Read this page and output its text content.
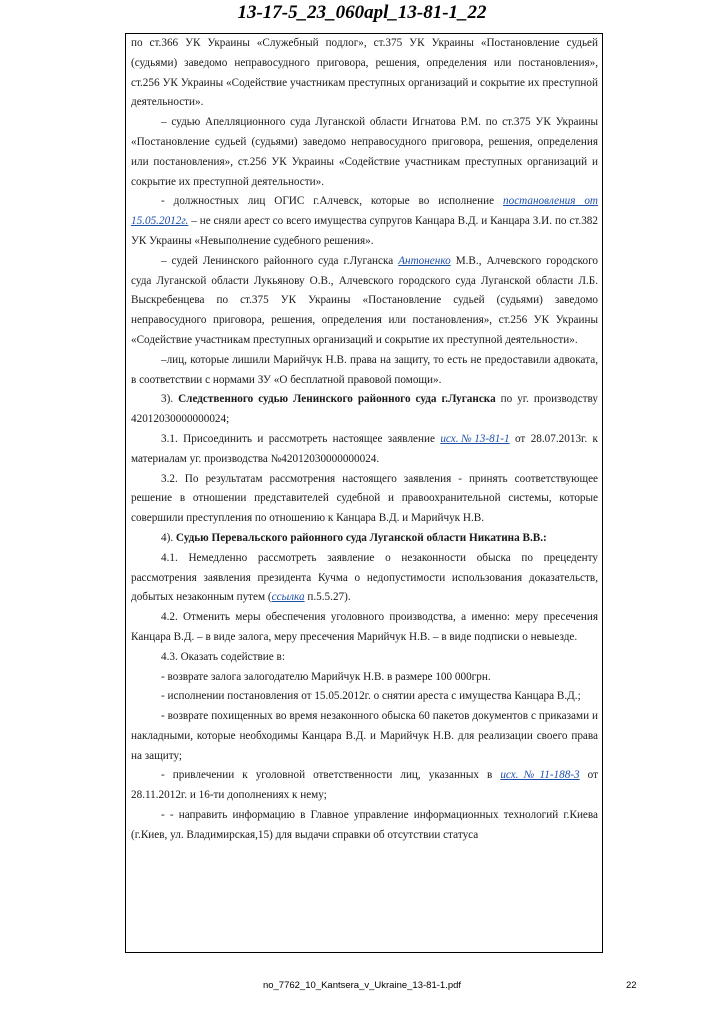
13-17-5_23_060apl_13-81-1_22

по ст.366 УК Украины «Служебный подлог», ст.375 УК Украины «Постановление судьей (судьями) заведомо неправосудного приговора, решения, определения или постановления», ст.256 УК Украины «Содействие участникам преступных организаций и сокрытие их преступной деятельности».

– судью Апелляционного суда Луганской области Игнатова Р.М. по ст.375 УК Украины «Постановление судьей (судьями) заведомо неправосудного приговора, решения, определения или постановления», ст.256 УК Украины «Содействие участникам преступных организаций и сокрытие их преступной деятельности».

- должностных лиц ОГИС г.Алчевск, которые во исполнение постановления от 15.05.2012г. – не сняли арест со всего имущества супругов Канцара В.Д. и Канцара З.И. по ст.382 УК Украины «Невыполнение судебного решения».

– судей Ленинского районного суда г.Луганска Антоненко М.В., Алчевского городского суда Луганской области Лукьянову О.В., Алчевского городского суда Луганской области Л.Б. Выскребенцева по ст.375 УК Украины «Постановление судьей (судьями) заведомо неправосудного приговора, решения, определения или постановления», ст.256 УК Украины «Содействие участникам преступных организаций и сокрытие их преступной деятельности».

–лиц, которые лишили Марийчук Н.В. права на защиту, то есть не предоставили адвоката, в соответствии с нормами ЗУ «О бесплатной правовой помощи».

3). Следственного судью Ленинского районного суда г.Луганска по уг. производству 42012030000000024;

3.1. Присоединить и рассмотреть настоящее заявление исх.№13-81-1 от 28.07.2013г. к материалам уг. производства №42012030000000024.

3.2. По результатам рассмотрения настоящего заявления - принять соответствующее решение в отношении представителей судебной и правоохранительной системы, которые совершили преступления по отношению к Канцара В.Д. и Марийчук Н.В.

4). Судью Перевальского районного суда Луганской области Никатина В.В.:

4.1. Немедленно рассмотреть заявление о незаконности обыска по прецеденту рассмотрения заявления президента Кучма о недопустимости использования доказательств, добытых незаконным путем (ссылка п.5.5.27).

4.2. Отменить меры обеспечения уголовного производства, а именно: меру пресечения Канцара В.Д. – в виде залога, меру пресечения Марийчук Н.В. – в виде подписки о невыезде.

4.3. Оказать содействие в:

- возврате залога залогодателю Марийчук Н.В. в размере 100 000грн.

- исполнении постановления от 15.05.2012г. о снятии ареста с имущества Канцара В.Д.;

- возврате похищенных во время незаконного обыска 60 пакетов документов с приказами и накладными, которые необходимы Канцара В.Д. и Марийчук Н.В. для реализации своего права на защиту;

- привлечении к уголовной ответственности лиц, указанных в исх.№11-188-3 от 28.11.2012г. и 16-ти дополнениях к нему;

- - направить информацию в Главное управление информационных технологий г.Киева (г.Киев, ул. Владимирская,15) для выдачи справки об отсутствии статуса

no_7762_10_Kantsera_v_Ukraine_13-81-1.pdf	22
